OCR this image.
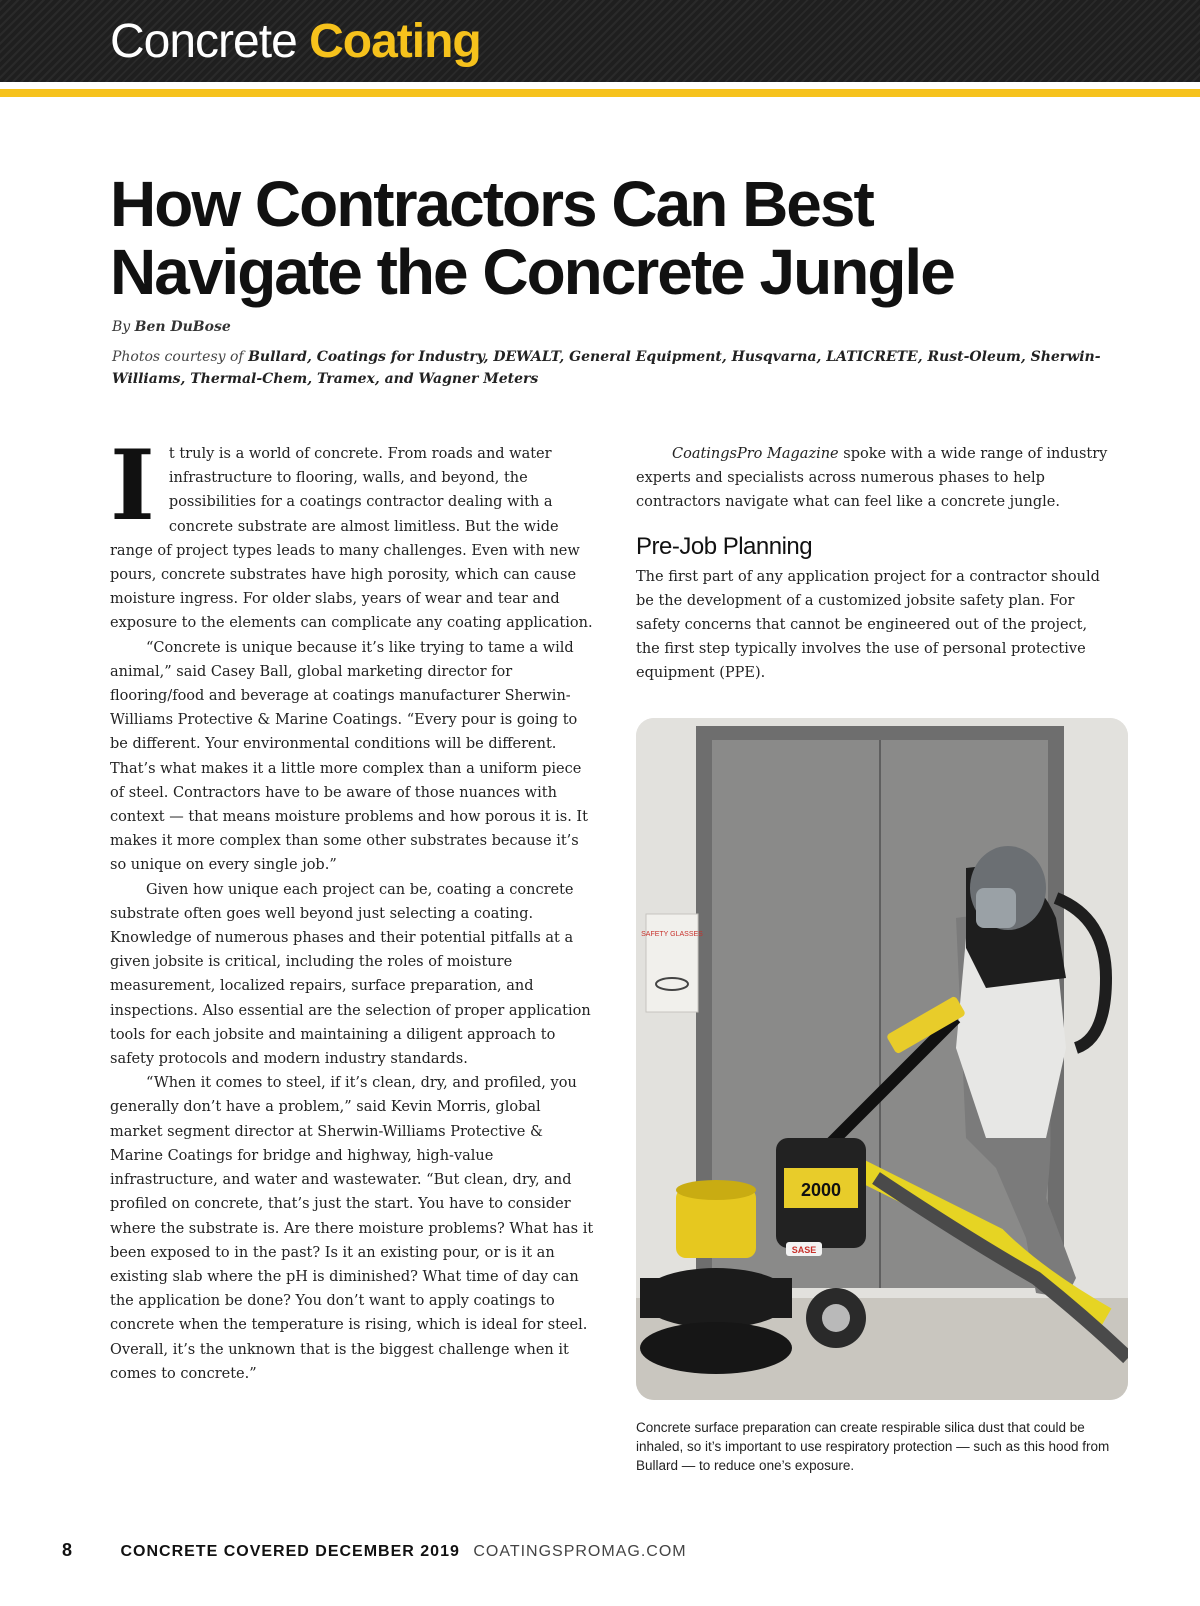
Concrete Coating
How Contractors Can Best Navigate the Concrete Jungle
By Ben DuBose
Photos courtesy of Bullard, Coatings for Industry, DEWALT, General Equipment, Husqvarna, LATICRETE, Rust-Oleum, Sherwin-Williams, Thermal-Chem, Tramex, and Wagner Meters

It truly is a world of concrete. From roads and water infrastructure to flooring, walls, and beyond, the possibilities for a coatings contractor dealing with a concrete substrate are almost limitless. But the wide range of project types leads to many challenges. Even with new pours, concrete substrates have high porosity, which can cause moisture ingress. For older slabs, years of wear and tear and exposure to the elements can complicate any coating application.

“Concrete is unique because it’s like trying to tame a wild animal,” said Casey Ball, global marketing director for flooring/food and beverage at coatings manufacturer Sherwin-Williams Protective & Marine Coatings. “Every pour is going to be different. Your environmental conditions will be different. That’s what makes it a little more complex than a uniform piece of steel. Contractors have to be aware of those nuances with context — that means moisture problems and how porous it is. It makes it more complex than some other substrates because it’s so unique on every single job.”

Given how unique each project can be, coating a concrete substrate often goes well beyond just selecting a coating. Knowledge of numerous phases and their potential pitfalls at a given jobsite is critical, including the roles of moisture measurement, localized repairs, surface preparation, and inspections. Also essential are the selection of proper application tools for each jobsite and maintaining a diligent approach to safety protocols and modern industry standards.

“When it comes to steel, if it’s clean, dry, and profiled, you generally don’t have a problem,” said Kevin Morris, global market segment director at Sherwin-Williams Protective & Marine Coatings for bridge and highway, high-value infrastructure, and water and wastewater. “But clean, dry, and profiled on concrete, that’s just the start. You have to consider where the substrate is. Are there moisture problems? What has it been exposed to in the past? Is it an existing pour, or is it an existing slab where the pH is diminished? What time of day can the application be done? You don’t want to apply coatings to concrete when the temperature is rising, which is ideal for steel. Overall, it’s the unknown that is the biggest challenge when it comes to concrete.”

CoatingsPro Magazine spoke with a wide range of industry experts and specialists across numerous phases to help contractors navigate what can feel like a concrete jungle.

Pre-Job Planning

The first part of any application project for a contractor should be the development of a customized jobsite safety plan. For safety concerns that cannot be engineered out of the project, the first step typically involves the use of personal protective equipment (PPE).

SAFETY GLASSES
2000
SASE
Concrete surface preparation can create respirable silica dust that could be inhaled, so it’s important to use respiratory protection — such as this hood from Bullard — to reduce one’s exposure.
8	CONCRETE COVERED DECEMBER 2019 COATINGSPROMAG.COM
